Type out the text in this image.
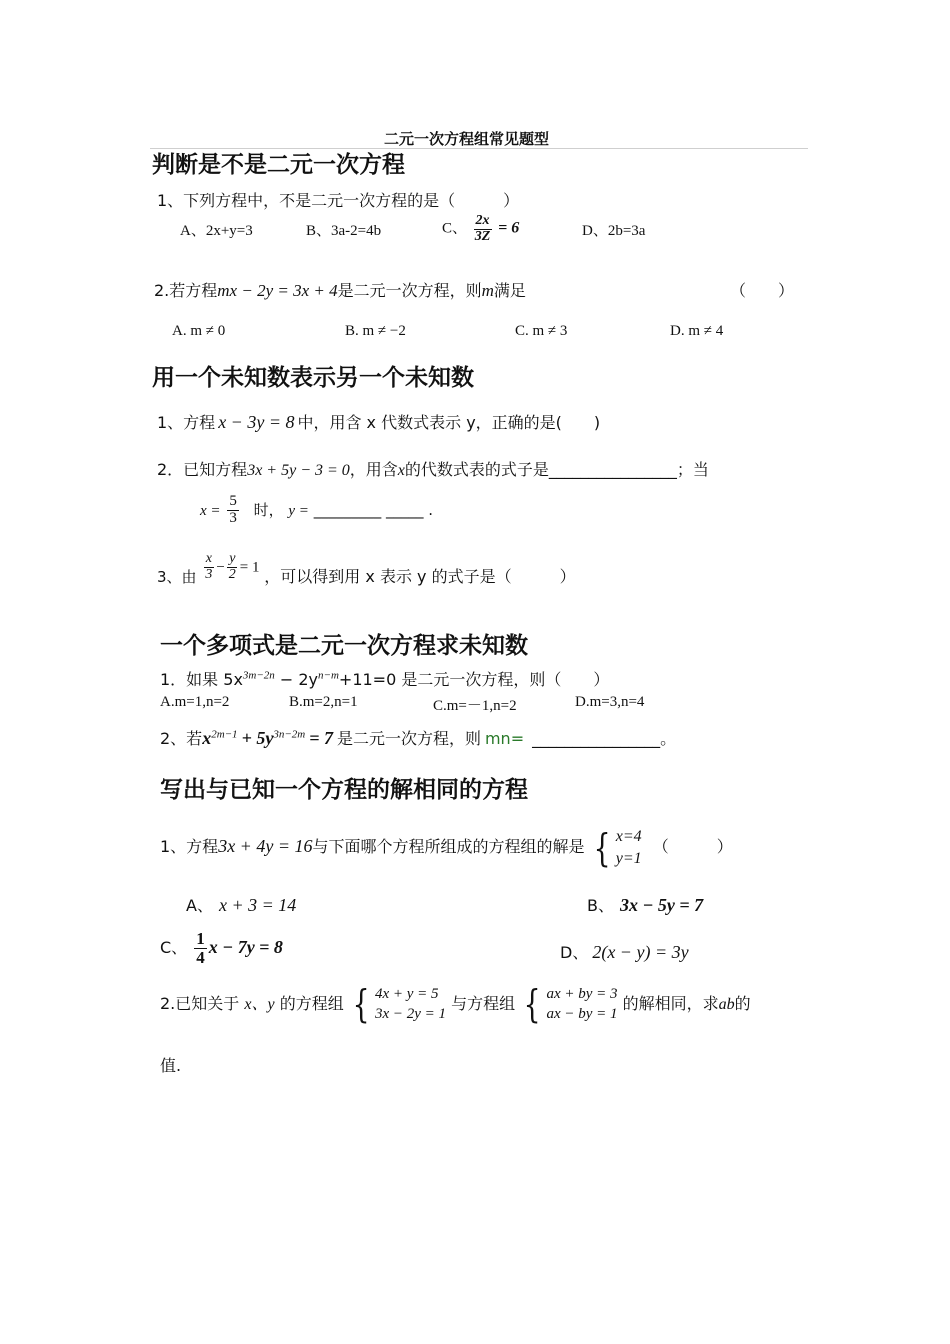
二元一次方程组常见题型
判断是不是二元一次方程
1、下列方程中，不是二元一次方程的是（　　　）
A、2x+y=3	B、3a-2=4b	C、 $\frac{2x}{3Z} = 6$	D、2b=3a
2.若方程mx − 2y = 3x + 4是二元一次方程，则m满足	（　　）
A. m ≠ 0	B. m ≠ −2	C. m ≠ 3	D. m ≠ 4
用一个未知数表示另一个未知数
1、方程 x − 3y = 8 中，用含 x 代数式表示 y，正确的是(　　)
2．已知方程3x + 5y − 3 = 0，用含x的代数式表的式子是________________；当
$x = \frac{5}{3}$ 时， y = _________ _____ .
3、由 $\frac{x}{3} - \frac{y}{2} = 1$ ，可以得到用 x 表示 y 的式子是（　　　）
一个多项式是二元一次方程求未知数
1．如果 $5x^{3m-2n} - 2y^{n-m}+11=0$ 是二元一次方程，则（　　）
A.m=1,n=2	B.m=2,n=1	C.m=－1,n=2	D.m=3,n=4
2、若$x^{2m-1} + 5y^{3n-2m} = 7$ 是二元一次方程，则 mn= ________________。
写出与已知一个方程的解相同的方程
1、方程3x + 4y = 16与下面哪个方程所组成的方程组的解是 { x=4
y=1
（　　　）
A、 x + 3 = 14	B、 3x − 5y = 7
C、 $\frac{1}{4}$ x − 7y = 8	D、 2(x − y) = 3y
2.已知关于 x、y 的方程组 { 4x + y = 5
3x − 2y = 1
与方程组 { ax + by = 3
ax − by = 1
的解相同，求ab的
值.
